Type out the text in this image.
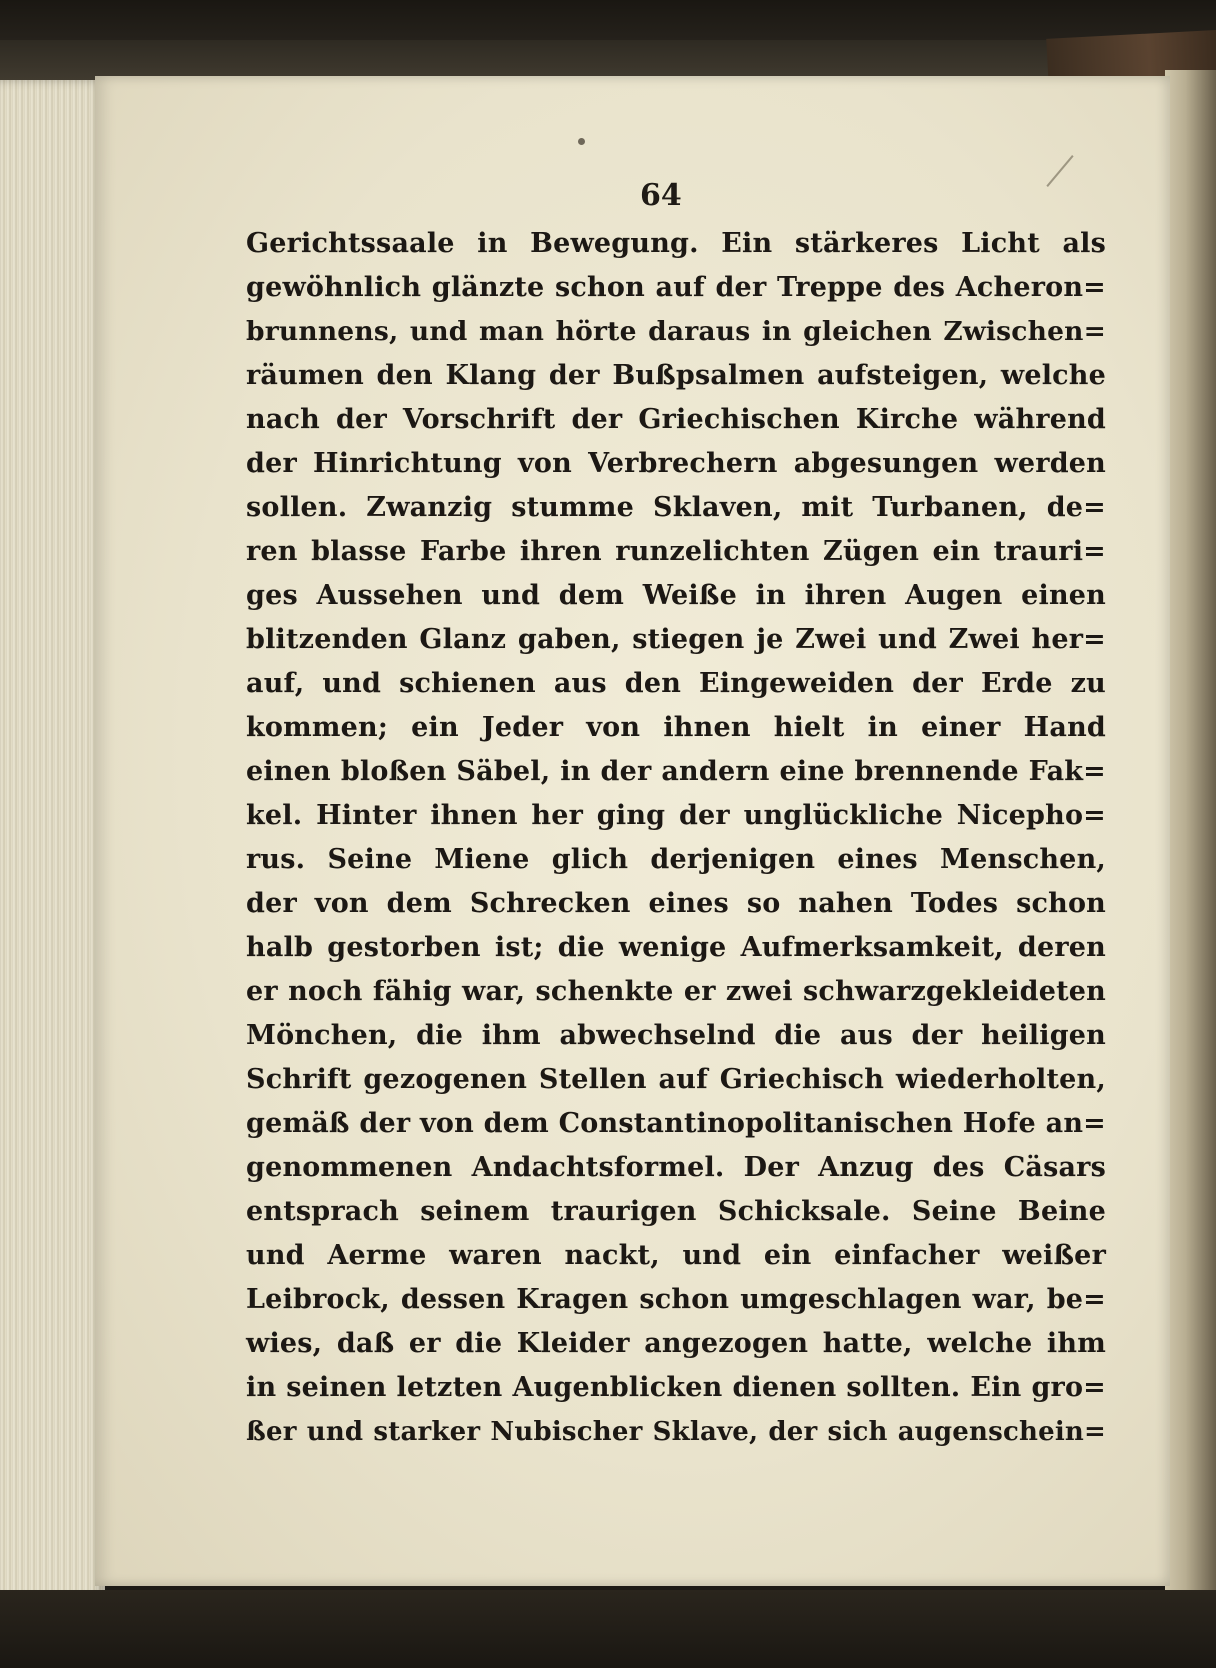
64
Gerichtssaale in Bewegung. Ein stärkeres Licht als
gewöhnlich glänzte schon auf der Treppe des Acheron=
brunnens, und man hörte daraus in gleichen Zwischen=
räumen den Klang der Bußpsalmen aufsteigen, welche
nach der Vorschrift der Griechischen Kirche während
der Hinrichtung von Verbrechern abgesungen werden
sollen. Zwanzig stumme Sklaven, mit Turbanen, de=
ren blasse Farbe ihren runzelichten Zügen ein trauri=
ges Aussehen und dem Weiße in ihren Augen einen
blitzenden Glanz gaben, stiegen je Zwei und Zwei her=
auf, und schienen aus den Eingeweiden der Erde zu
kommen; ein Jeder von ihnen hielt in einer Hand
einen bloßen Säbel, in der andern eine brennende Fak=
kel. Hinter ihnen her ging der unglückliche Nicepho=
rus. Seine Miene glich derjenigen eines Menschen,
der von dem Schrecken eines so nahen Todes schon
halb gestorben ist; die wenige Aufmerksamkeit, deren
er noch fähig war, schenkte er zwei schwarzgekleideten
Mönchen, die ihm abwechselnd die aus der heiligen
Schrift gezogenen Stellen auf Griechisch wiederholten,
gemäß der von dem Constantinopolitanischen Hofe an=
genommenen Andachtsformel. Der Anzug des Cäsars
entsprach seinem traurigen Schicksale. Seine Beine
und Aerme waren nackt, und ein einfacher weißer
Leibrock, dessen Kragen schon umgeschlagen war, be=
wies, daß er die Kleider angezogen hatte, welche ihm
in seinen letzten Augenblicken dienen sollten. Ein gro=
ßer und starker Nubischer Sklave, der sich augenschein=
